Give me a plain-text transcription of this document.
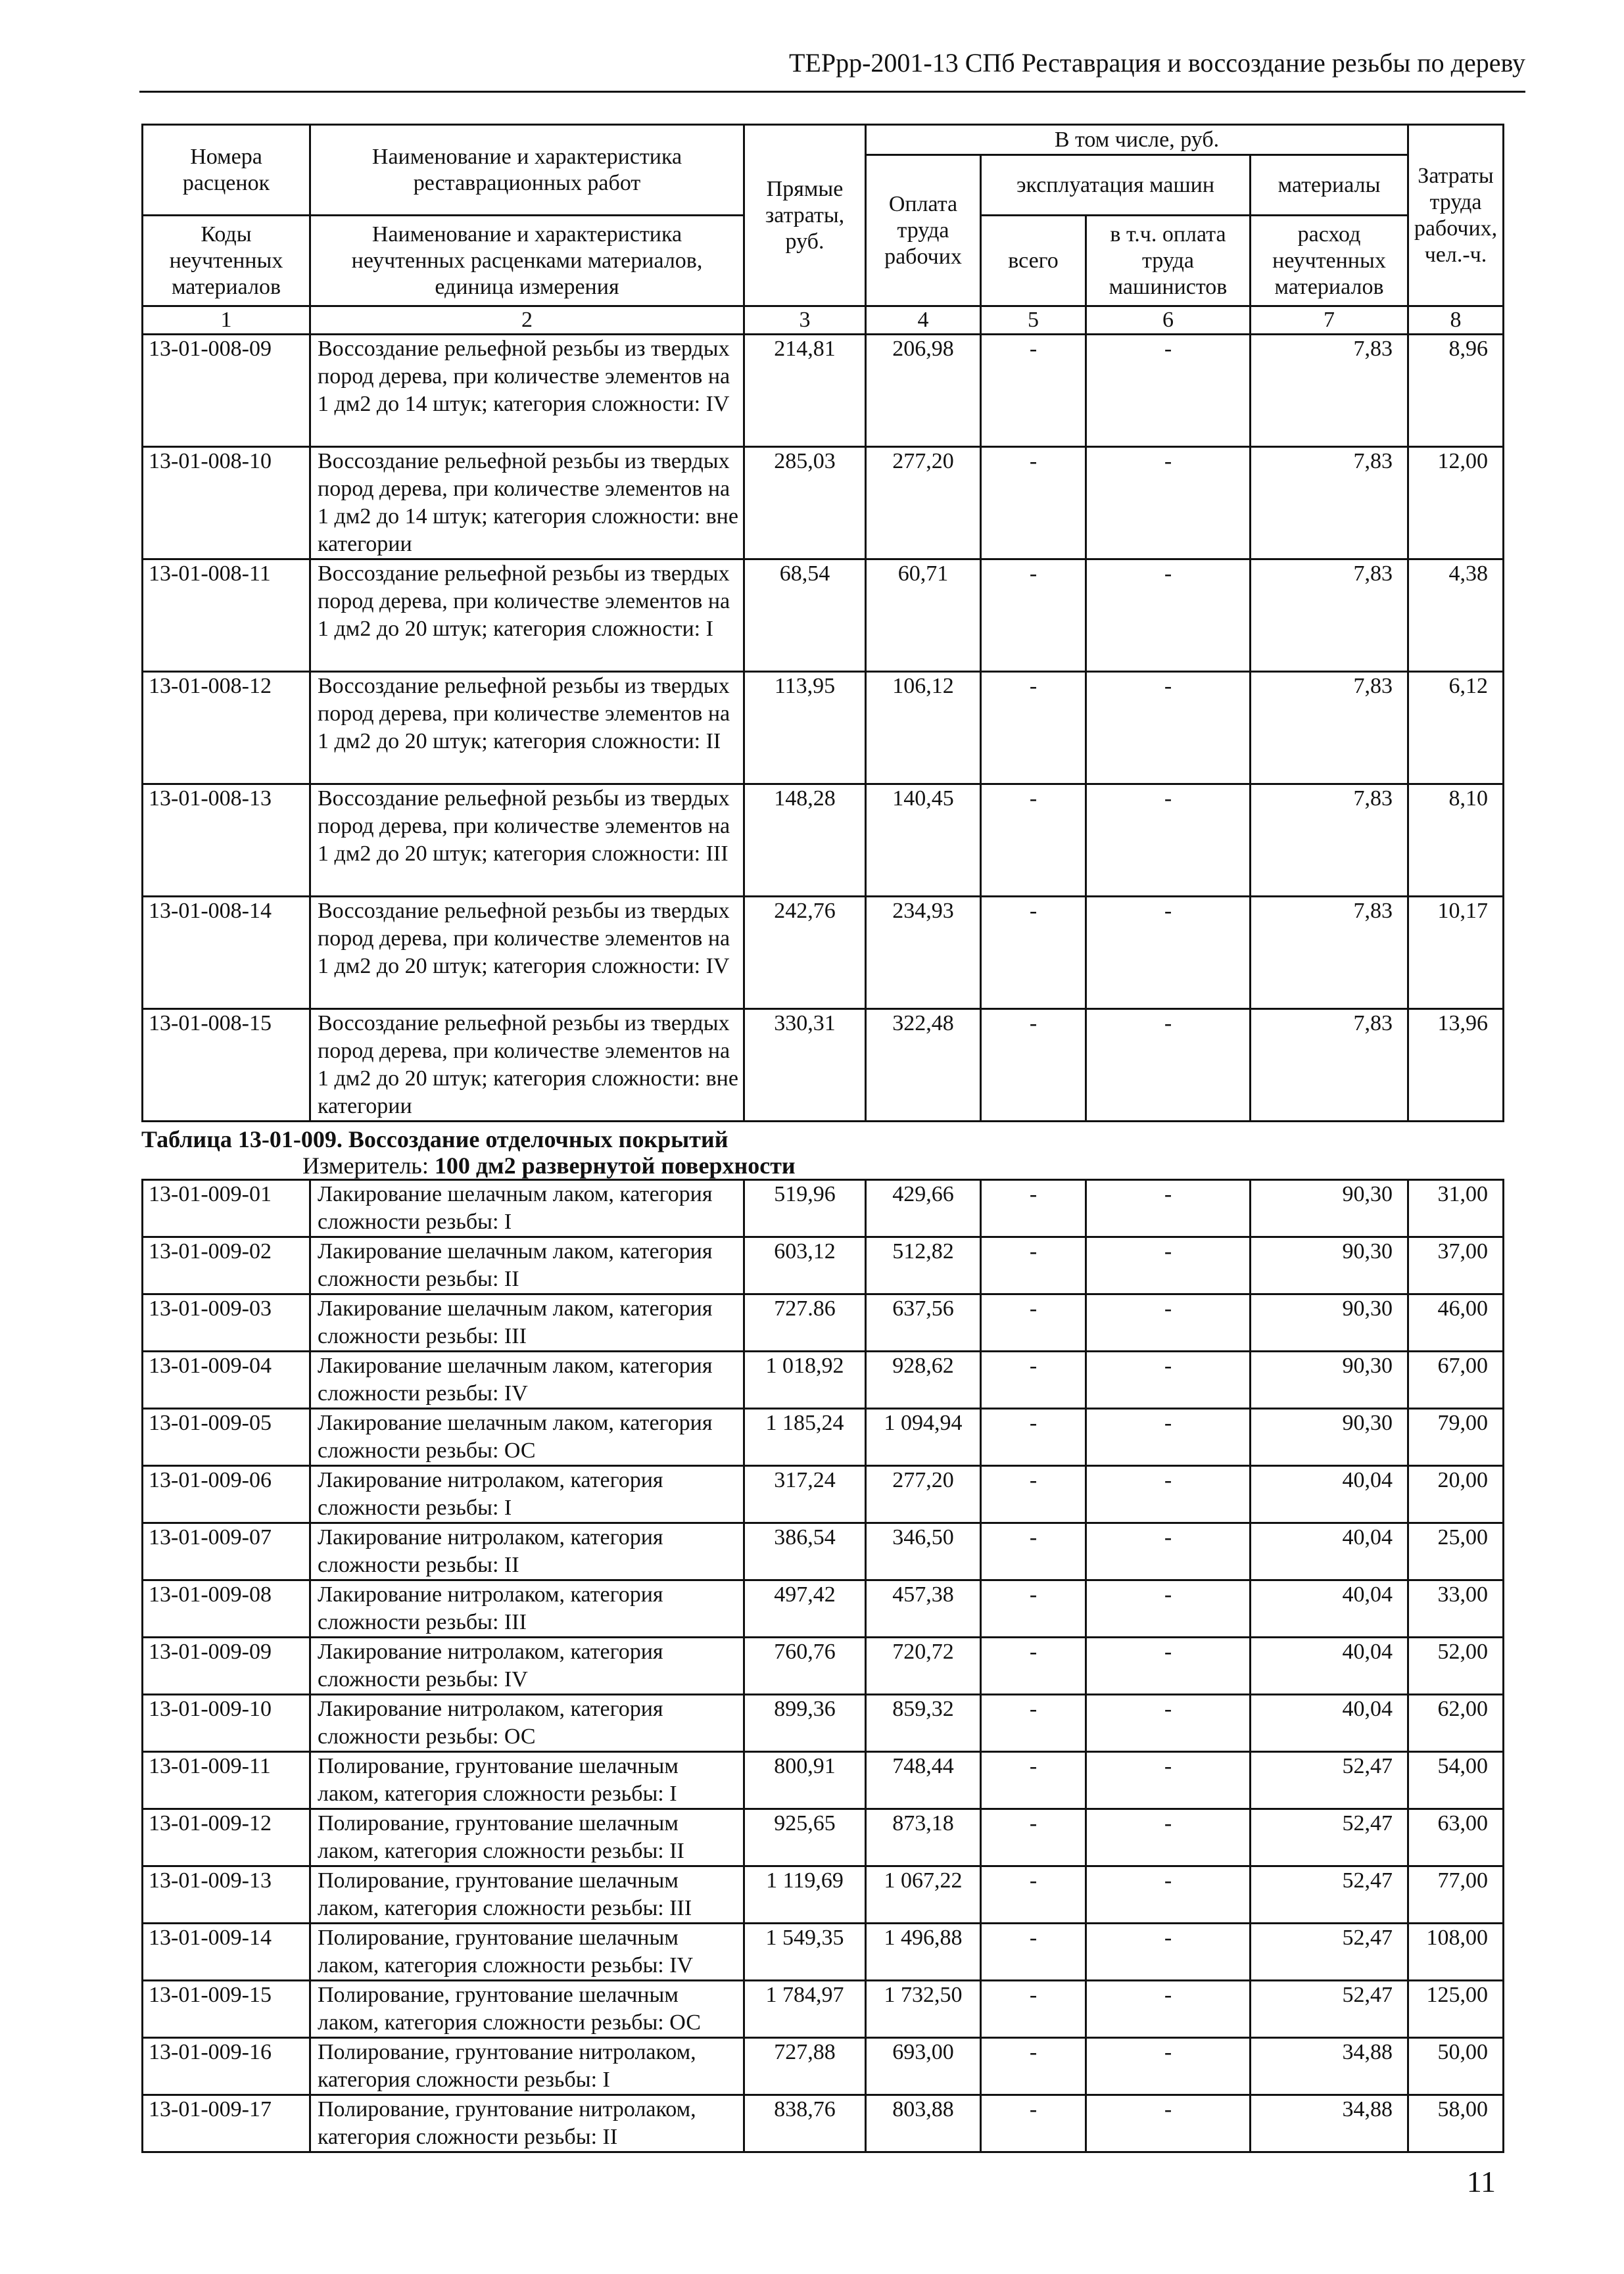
ТЕРрр-2001-13 СПб Реставрация и воссоздание резьбы по дереву
Номера расценок	Наименование и характеристика реставрационных работ	Прямые затраты, руб.	В том числе, руб.				Затраты труда рабочих, чел.-ч.
			Оплата труда рабочих	эксплуатация машин		материалы	

Коды неучтенных материалов	Наименование и характеристика неучтенных расценками материалов, единица измерения			всего	в т.ч. оплата труда машинистов	расход неучтенных материалов	

1	2	3	4	5	6	7	8
13-01-008-09	Воссоздание рельефной резьбы из твердых пород дерева, при количестве элементов на 1 дм2 до 14 штук; категория сложности: IV	214,81	206,98	-	-	7,83	8,96
13-01-008-10	Воссоздание рельефной резьбы из твердых пород дерева, при количестве элементов на 1 дм2 до 14 штук; категория сложности: вне категории	285,03	277,20	-	-	7,83	12,00
13-01-008-11	Воссоздание рельефной резьбы из твердых пород дерева, при количестве элементов на 1 дм2 до 20 штук; категория сложности: I	68,54	60,71	-	-	7,83	4,38
13-01-008-12	Воссоздание рельефной резьбы из твердых пород дерева, при количестве элементов на 1 дм2 до 20 штук; категория сложности: II	113,95	106,12	-	-	7,83	6,12
13-01-008-13	Воссоздание рельефной резьбы из твердых пород дерева, при количестве элементов на 1 дм2 до 20 штук; категория сложности: III	148,28	140,45	-	-	7,83	8,10
13-01-008-14	Воссоздание рельефной резьбы из твердых пород дерева, при количестве элементов на 1 дм2 до 20 штук; категория сложности: IV	242,76	234,93	-	-	7,83	10,17
13-01-008-15	Воссоздание рельефной резьбы из твердых пород дерева, при количестве элементов на 1 дм2 до 20 штук; категория сложности: вне категории	330,31	322,48	-	-	7,83	13,96
Таблица 13-01-009. Воссоздание отделочных покрытий
Измеритель: 100 дм2 развернутой поверхности
13-01-009-01	Лакирование шелачным лаком, категория сложности резьбы: I	519,96	429,66	-	-	90,30	31,00
13-01-009-02	Лакирование шелачным лаком, категория сложности резьбы: II	603,12	512,82	-	-	90,30	37,00
13-01-009-03	Лакирование шелачным лаком, категория сложности резьбы: III	727.86	637,56	-	-	90,30	46,00
13-01-009-04	Лакирование шелачным лаком, категория сложности резьбы: IV	1 018,92	928,62	-	-	90,30	67,00
13-01-009-05	Лакирование шелачным лаком, категория сложности резьбы: ОС	1 185,24	1 094,94	-	-	90,30	79,00
13-01-009-06	Лакирование нитролаком, категория сложности резьбы: I	317,24	277,20	-	-	40,04	20,00
13-01-009-07	Лакирование нитролаком, категория сложности резьбы: II	386,54	346,50	-	-	40,04	25,00
13-01-009-08	Лакирование нитролаком, категория сложности резьбы: III	497,42	457,38	-	-	40,04	33,00
13-01-009-09	Лакирование нитролаком, категория сложности резьбы: IV	760,76	720,72	-	-	40,04	52,00
13-01-009-10	Лакирование нитролаком, категория сложности резьбы: ОС	899,36	859,32	-	-	40,04	62,00
13-01-009-11	Полирование, грунтование шелачным лаком, категория сложности резьбы: I	800,91	748,44	-	-	52,47	54,00
13-01-009-12	Полирование, грунтование шелачным лаком, категория сложности резьбы: II	925,65	873,18	-	-	52,47	63,00
13-01-009-13	Полирование, грунтование шелачным лаком, категория сложности резьбы: III	1 119,69	1 067,22	-	-	52,47	77,00
13-01-009-14	Полирование, грунтование шелачным лаком, категория сложности резьбы: IV	1 549,35	1 496,88	-	-	52,47	108,00
13-01-009-15	Полирование, грунтование шелачным лаком, категория сложности резьбы: ОС	1 784,97	1 732,50	-	-	52,47	125,00
13-01-009-16	Полирование, грунтование нитролаком, категория сложности резьбы: I	727,88	693,00	-	-	34,88	50,00
13-01-009-17	Полирование, грунтование нитролаком, категория сложности резьбы: II	838,76	803,88	-	-	34,88	58,00
11
